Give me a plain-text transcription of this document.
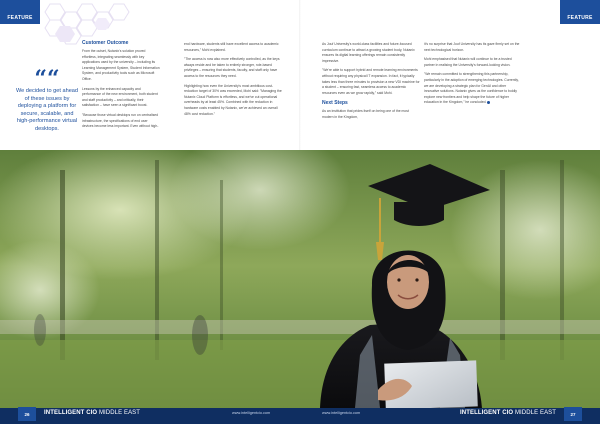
FEATURE
““
We decided to get ahead of these issues by deploying a platform for secure, scalable, and high-performance virtual desktops.
Customer Outcome

From the outset, Nutanix's solution proved effortless, integrating seamlessly with key applications used by the university – including its Learning Management System, Student Information System, and productivity tools such as Microsoft Office.

Lessons by the enhanced capacity and performance of the new environment, both student and staff productivity – and critically, their satisfaction – have seen a significant boost.

"Because those virtual desktops run on centralised infrastructure, the specifications of end user devices become less important. Even without high-

end hardware, students still have excellent access to academic resources," Mohi explained.

"The access is now also more effectively controlled, as the keys always reside and be taken to entirely stronger, role-based privileges – ensuring that students, faculty, and staff only have access to the resources they need.

Highlighting how even the University's most ambitious cost-reduction target of 30% was exceeded, Mohi said: "Managing the Nutanix Cloud Platform is effortless, and we've cut operational overheads by at least 45%. Combined with the reduction in hardware costs enabled by Nutanix, we've achieved an overall 48% cost reduction."

FEATURE

As Jouf University's world-class facilities and future-focused curriculum continue to attract a growing student body, Nutanix ensures its digital learning offerings remain consistently impressive.

"We're able to support hybrid and remote learning environments without requiring any physical IT expansion. In fact, it typically takes less than three minutes to provision a new VDI machine for a student – ensuring fast, seamless access to academic resources even as we grow rapidly," said Mohi.

Next Steps

As an institution that prides itself on being one of the most modern in the Kingdom,

it's no surprise that Jouf University has its gaze firmly set on the next technological horizon.

Mohi emphasised that Nutanix will continue to be a trusted partner in realising the University's forward-looking vision.

"We remain committed to strengthening this partnership, particularly in the adoption of emerging technologies. Currently, we are developing a strategic plan for GenAI and other innovative solutions. Nutanix gives us the confidence to boldly explore new frontiers and help shape the future of higher education in the Kingdom," he concluded.

26	INTELLIGENT CIO MIDDLE EAST	www.intelligentcio.com	www.intelligentcio.com	INTELLIGENT CIO MIDDLE EAST	27
